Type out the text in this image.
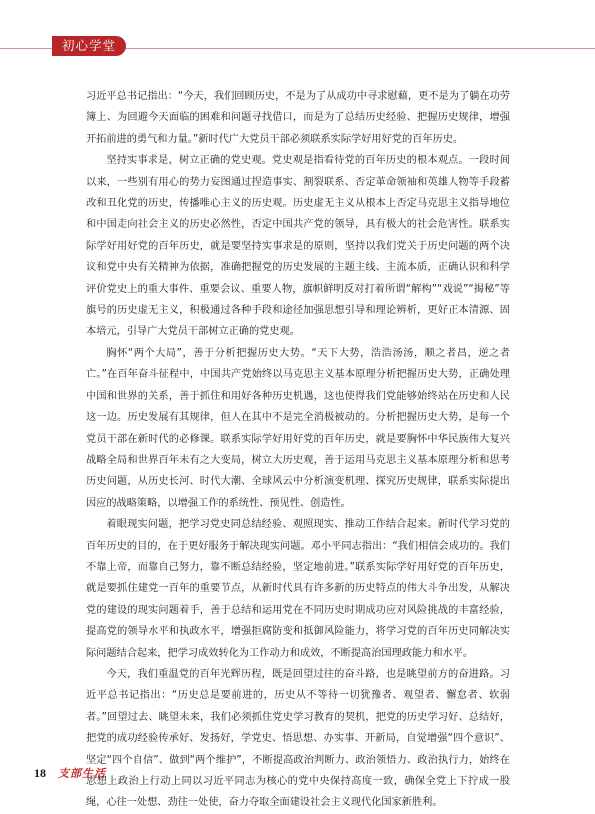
初心学堂

习近平总书记指出：“今天，我们回顾历史，不是为了从成功中寻求慰藉，更不是为了躺在功劳簿上、为回避今天面临的困难和问题寻找借口，而是为了总结历史经验、把握历史规律，增强开拓前进的勇气和力量。”新时代广大党员干部必须联系实际学好用好党的百年历史。

坚持实事求是，树立正确的党史观。党史观是指看待党的百年历史的根本观点。一段时间以来，一些别有用心的势力妄图通过捏造事实、割裂联系、否定革命领袖和英雄人物等手段蓄改和丑化党的历史，传播唯心主义的历史观。历史虚无主义从根本上否定马克思主义指导地位和中国走向社会主义的历史必然性，否定中国共产党的领导，具有极大的社会危害性。联系实际学好用好党的百年历史，就是要坚持实事求是的原则，坚持以我们党关于历史问题的两个决议和党中央有关精神为依据，准确把握党的历史发展的主题主线、主流本质，正确认识和科学评价党史上的重大事件、重要会议、重要人物，旗帜鲜明反对打着所谓“解构”“戏说”“揭秘”等旗号的历史虚无主义，积极通过各种手段和途径加强思想引导和理论辨析，更好正本清源、固本培元，引导广大党员干部树立正确的党史观。

胸怀“两个大局”，善于分析把握历史大势。“天下大势，浩浩汤汤，顺之者昌，逆之者亡。”在百年奋斗征程中，中国共产党始终以马克思主义基本原理分析把握历史大势，正确处理中国和世界的关系，善于抓住和用好各种历史机遇，这也使得我们党能够始终站在历史和人民这一边。历史发展有其规律，但人在其中不是完全消极被动的。分析把握历史大势，是每一个党员干部在新时代的必修课。联系实际学好用好党的百年历史，就是要胸怀中华民族伟大复兴战略全局和世界百年未有之大变局，树立大历史观，善于运用马克思主义基本原理分析和思考历史问题，从历史长河、时代大潮、全球风云中分析演变机理、探究历史规律，联系实际提出因应的战略策略，以增强工作的系统性、预见性、创造性。

着眼现实问题，把学习党史同总结经验、观照现实、推动工作结合起来。新时代学习党的百年历史的目的，在于更好服务于解决现实问题。邓小平同志指出：“我们相信会成功的。我们不靠上帝，而靠自己努力，靠不断总结经验，坚定地前进。”联系实际学好用好党的百年历史，就是要抓住建党一百年的重要节点，从新时代具有许多新的历史特点的伟大斗争出发，从解决党的建设的现实问题着手，善于总结和运用党在不同历史时期成功应对风险挑战的丰富经验，提高党的领导水平和执政水平，增强拒腐防变和抵御风险能力，将学习党的百年历史同解决实际问题结合起来，把学习成效转化为工作动力和成效，不断提高治国理政能力和水平。

今天，我们重温党的百年光辉历程，既是回望过往的奋斗路，也是眺望前方的奋进路。习近平总书记指出：“历史总是要前进的，历史从不等待一切犹豫者、观望者、懈怠者、软弱者。”回望过去、眺望未来，我们必须抓住党史学习教育的契机，把党的历史学习好、总结好，把党的成功经验传承好、发扬好，学党史、悟思想、办实事、开新局，自觉增强“四个意识”、坚定“四个自信”、做到“两个维护”，不断提高政治判断力、政治领悟力、政治执行力，始终在思想上政治上行动上同以习近平同志为核心的党中央保持高度一致，确保全党上下拧成一股绳，心往一处想、劲往一处使，奋力夺取全面建设社会主义现代化国家新胜利。

18 支部生活
